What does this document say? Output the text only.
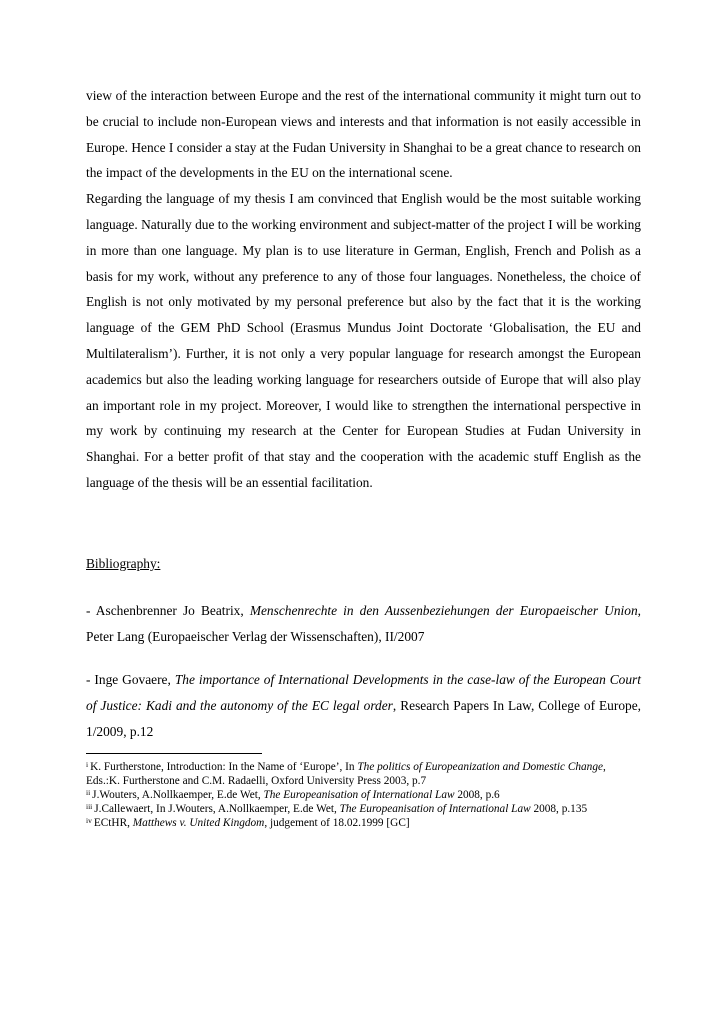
view of the interaction between Europe and the rest of the international community it might turn out to be crucial to include non-European views and interests and that information is not easily accessible in Europe. Hence I consider a stay at the Fudan University in Shanghai to be a great chance to research on the impact of the developments in the EU on the international scene.

Regarding the language of my thesis I am convinced that English would be the most suitable working language. Naturally due to the working environment and subject-matter of the project I will be working in more than one language. My plan is to use literature in German, English, French and Polish as a basis for my work, without any preference to any of those four languages. Nonetheless, the choice of English is not only motivated by my personal preference but also by the fact that it is the working language of the GEM PhD School (Erasmus Mundus Joint Doctorate ‘Globalisation, the EU and Multilateralism’). Further, it is not only a very popular language for research amongst the European academics but also the leading working language for researchers outside of Europe that will also play an important role in my project. Moreover, I would like to strengthen the international perspective in my work by continuing my research at the Center for European Studies at Fudan University in Shanghai. For a better profit of that stay and the cooperation with the academic stuff English as the language of the thesis will be an essential facilitation.

Bibliography:

- Aschenbrenner Jo Beatrix, Menschenrechte in den Aussenbeziehungen der Europaeischer Union, Peter Lang (Europaeischer Verlag der Wissenschaften), II/2007

- Inge Govaere, The importance of International Developments in the case-law of the European Court of Justice: Kadi and the autonomy of the EC legal order, Research Papers In Law, College of Europe, 1/2009, p.12

$^i$ K. Furtherstone, Introduction: In the Name of ‘Europe’, In The politics of Europeanization and Domestic Change, Eds.:K. Furtherstone and C.M. Radaelli, Oxford University Press 2003, p.7

$^{ii}$ J.Wouters, A.Nollkaemper, E.de Wet, The Europeanisation of International Law 2008, p.6

$^{iii}$ J.Callewaert, In J.Wouters, A.Nollkaemper, E.de Wet, The Europeanisation of International Law 2008, p.135

$^{iv}$ ECtHR, Matthews v. United Kingdom, judgement of 18.02.1999 [GC]
